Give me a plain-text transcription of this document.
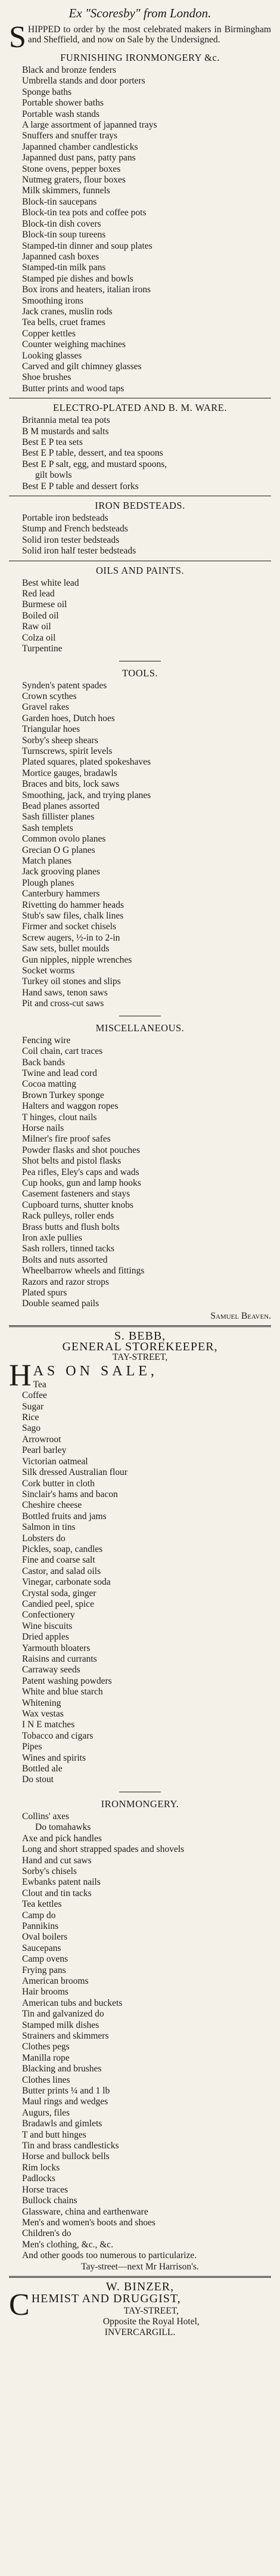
Ex "Scoresby" from London.

SHIPPED to order by the most celebrated makers in Birmingham and Sheffield, and now on Sale by the Undersigned.

FURNISHING IRONMONGERY &c.
Black and bronze fenders
Umbrella stands and door porters
Sponge baths
Portable shower baths
Portable wash stands
A large assortment of japanned trays
Snuffers and snuffer trays
Japanned chamber candlesticks
Japanned dust pans, patty pans
Stone ovens, pepper boxes
Nutmeg graters, flour boxes
Milk skimmers, funnels
Block-tin saucepans
Block-tin tea pots and coffee pots
Block-tin dish covers
Block-tin soup tureens
Stamped-tin dinner and soup plates
Japanned cash boxes
Stamped-tin milk pans
Stamped pie dishes and bowls
Box irons and heaters, italian irons
Smoothing irons
Jack cranes, muslin rods
Tea bells, cruet frames
Copper kettles
Counter weighing machines
Looking glasses
Carved and gilt chimney glasses
Shoe brushes
Butter prints and wood taps
ELECTRO-PLATED AND B. M. WARE.
Britannia metal tea pots
B M mustards and salts
Best E P tea sets
Best E P table, dessert, and tea spoons
Best E P salt, egg, and mustard spoons,
gilt bowls
Best E P table and dessert forks
IRON BEDSTEADS.
Portable iron bedsteads
Stump and French bedsteads
Solid iron tester bedsteads
Solid iron half tester bedsteads
OILS AND PAINTS.
Best white lead
Red lead
Burmese oil
Boiled oil
Raw oil
Colza oil
Turpentine
TOOLS.
Synden's patent spades
Crown scythes
Gravel rakes
Garden hoes, Dutch hoes
Triangular hoes
Sorby's sheep shears
Turnscrews, spirit levels
Plated squares, plated spokeshaves
Mortice gauges, bradawls
Braces and bits, lock saws
Smoothing, jack, and trying planes
Bead planes assorted
Sash fillister planes
Sash templets
Common ovolo planes
Grecian O G planes
Match planes
Jack grooving planes
Plough planes
Canterbury hammers
Rivetting do hammer heads
Stub's saw files, chalk lines
Firmer and socket chisels
Screw augers, ½-in to 2-in
Saw sets, bullet moulds
Gun nipples, nipple wrenches
Socket worms
Turkey oil stones and slips
Hand saws, tenon saws
Pit and cross-cut saws
MISCELLANEOUS.
Fencing wire
Coil chain, cart traces
Back bands
Twine and lead cord
Cocoa matting
Brown Turkey sponge
Halters and waggon ropes
T hinges, clout nails
Horse nails
Milner's fire proof safes
Powder flasks and shot pouches
Shot belts and pistol flasks
Pea rifles, Eley's caps and wads
Cup hooks, gun and lamp hooks
Casement fasteners and stays
Cupboard turns, shutter knobs
Rack pulleys, roller ends
Brass butts and flush bolts
Iron axle pullies
Sash rollers, tinned tacks
Bolts and nuts assorted
Wheelbarrow wheels and fittings
Razors and razor strops
Plated spurs
Double seamed pails
Samuel Beaven.
S. BEBB,
GENERAL STOREKEEPER,
TAY-STREET,
HAS ON SALE,
Tea
Coffee
Sugar
Rice
Sago
Arrowroot
Pearl barley
Victorian oatmeal
Silk dressed Australian flour
Cork butter in cloth
Sinclair's hams and bacon
Cheshire cheese
Bottled fruits and jams
Salmon in tins
Lobsters do
Pickles, soap, candles
Fine and coarse salt
Castor, and salad oils
Vinegar, carbonate soda
Crystal soda, ginger
Candied peel, spice
Confectionery
Wine biscuits
Dried apples
Yarmouth bloaters
Raisins and currants
Carraway seeds
Patent washing powders
White and blue starch
Whitening
Wax vestas
I N E matches
Tobacco and cigars
Pipes
Wines and spirits
Bottled ale
Do stout
IRONMONGERY.
Collins' axes
Do tomahawks
Axe and pick handles
Long and short strapped spades and shovels
Hand and cut saws
Sorby's chisels
Ewbanks patent nails
Clout and tin tacks
Tea kettles
Camp do
Pannikins
Oval boilers
Saucepans
Camp ovens
Frying pans
American brooms
Hair brooms
American tubs and buckets
Tin and galvanized do
Stamped milk dishes
Strainers and skimmers
Clothes pegs
Manilla rope
Blacking and brushes
Clothes lines
Butter prints ¼ and 1 lb
Maul rings and wedges
Augurs, files
Bradawls and gimlets
T and butt hinges
Tin and brass candlesticks
Horse and bullock bells
Rim locks
Padlocks
Horse traces
Bullock chains
Glassware, china and earthenware
Men's and women's boots and shoes
Children's do
Men's clothing, &c., &c.
And other goods too numerous to particularize.
Tay-street—next Mr Harrison's.
W. BINZER,
CHEMIST AND DRUGGIST,
TAY-STREET,
Opposite the Royal Hotel,
INVERCARGILL.
